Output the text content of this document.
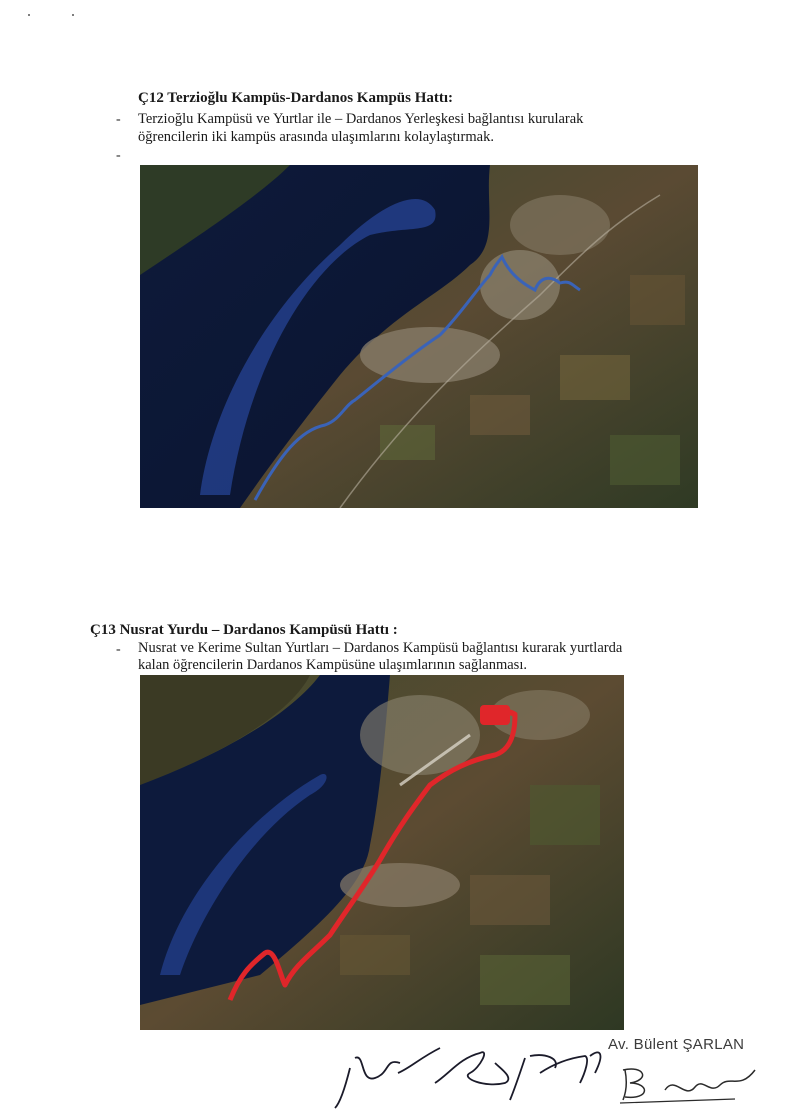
Ç12 Terzioğlu Kampüs-Dardanos Kampüs Hattı:
- Terzioğlu Kampüsü ve Yurtlar ile – Dardanos Yerleşkesi bağlantısı kurularak
öğrencilerin iki kampüs arasında ulaşımlarını kolaylaştırmak.
-
Ç13 Nusrat Yurdu – Dardanos Kampüsü Hattı :
- Nusrat ve Kerime Sultan Yurtları – Dardanos Kampüsü bağlantısı kurarak yurtlarda
kalan öğrencilerin Dardanos Kampüsüne ulaşımlarının sağlanması.
Av. Bülent ŞARLAN
